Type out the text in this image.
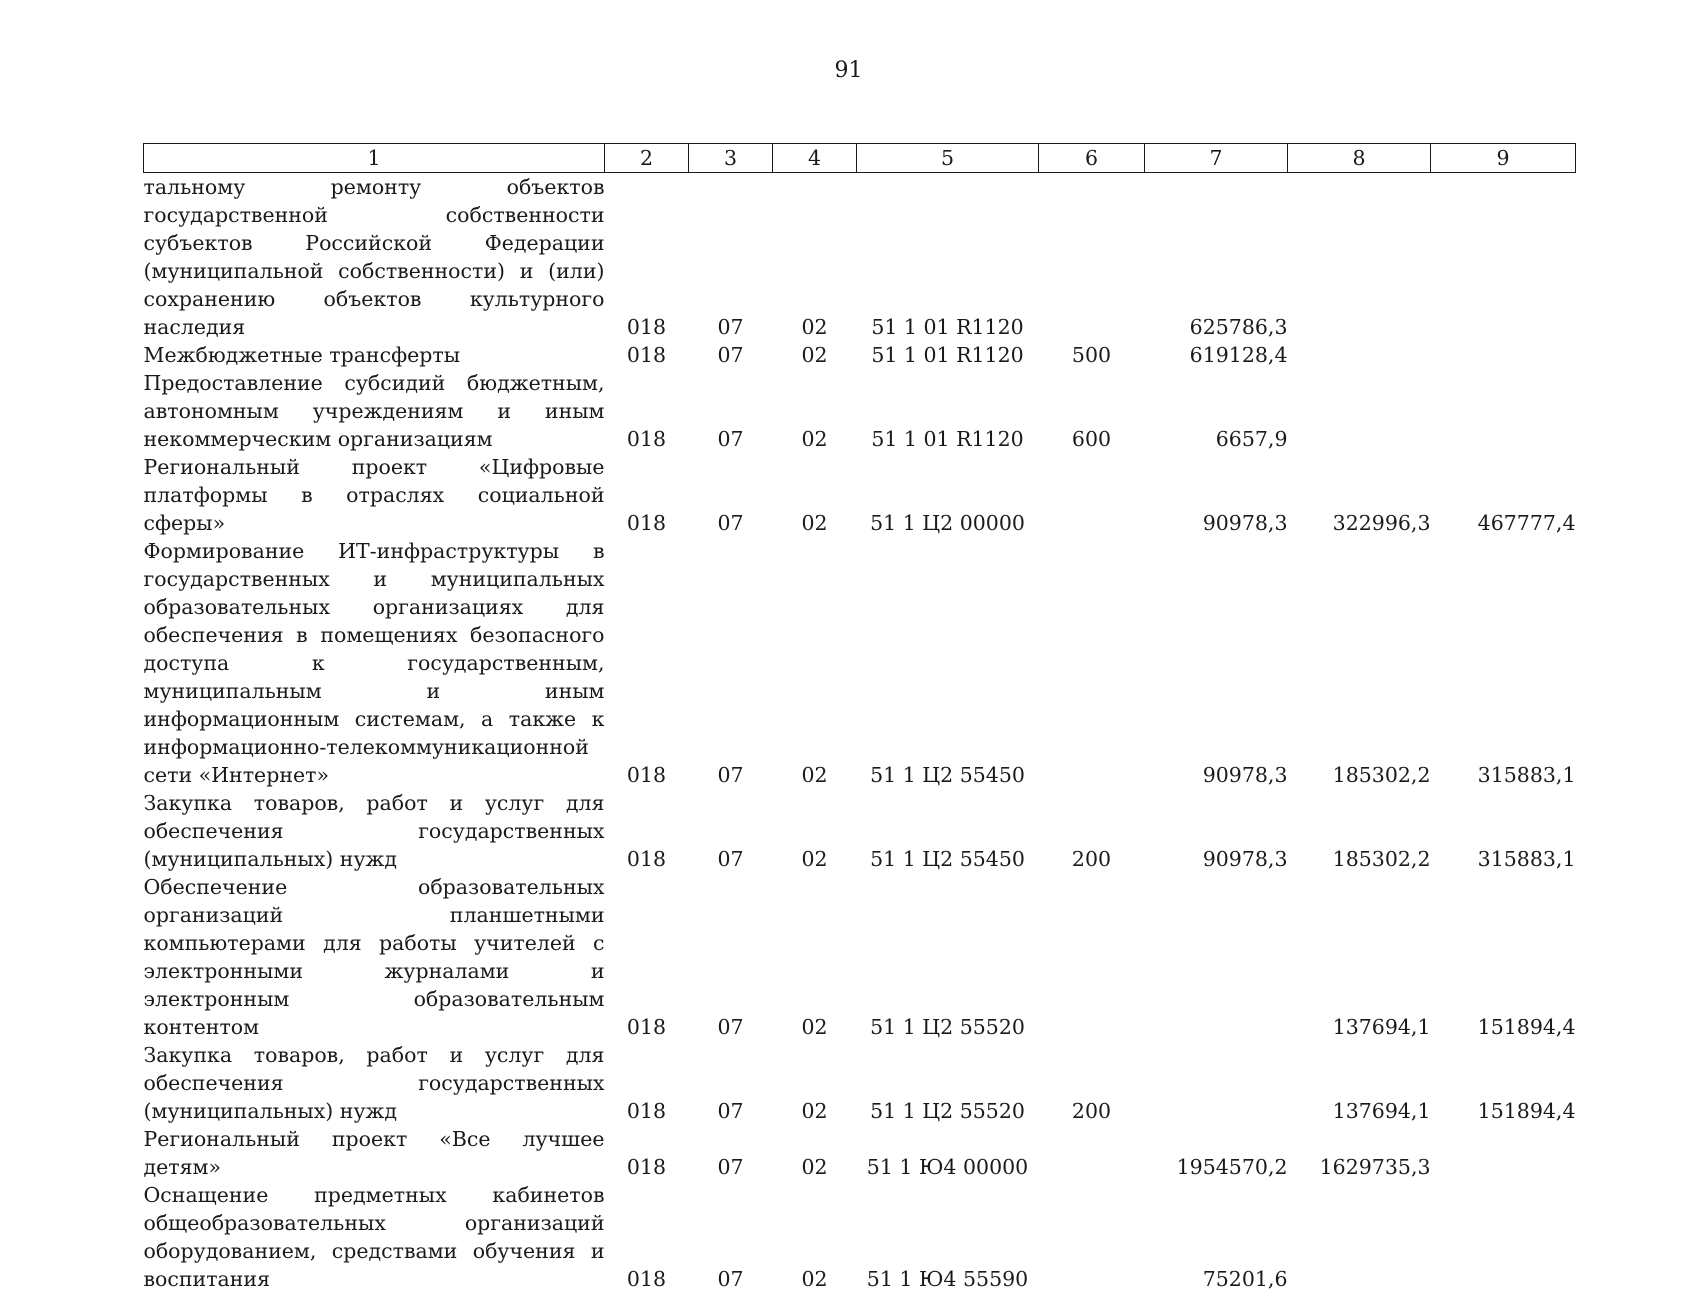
91
1	2	3	4	5	6	7	8	9
тальному ремонту объектов государственной собственности субъектов Российской Федерации (муниципальной собственности) и (или) сохранению объектов культурного наследия	018	07	02	51 1 01 R1120		625786,3		
Межбюджетные трансферты	018	07	02	51 1 01 R1120	500	619128,4		
Предоставление субсидий бюджетным, автономным учреждениям и иным некоммерческим организациям	018	07	02	51 1 01 R1120	600	6657,9		
Региональный проект «Цифровые платформы в отраслях социальной сферы»	018	07	02	51 1 Ц2 00000		90978,3	322996,3	467777,4
Формирование ИТ-инфраструктуры в государственных и муниципальных образовательных организациях для обеспечения в помещениях безопасного доступа к государственным, муниципальным и иным информационным системам, а также к информационно-телекоммуникационной сети «Интернет»	018	07	02	51 1 Ц2 55450		90978,3	185302,2	315883,1
Закупка товаров, работ и услуг для обеспечения государственных (муниципальных) нужд	018	07	02	51 1 Ц2 55450	200	90978,3	185302,2	315883,1
Обеспечение образовательных организаций планшетными компьютерами для работы учителей с электронными журналами и электронным образовательным контентом	018	07	02	51 1 Ц2 55520			137694,1	151894,4
Закупка товаров, работ и услуг для обеспечения государственных (муниципальных) нужд	018	07	02	51 1 Ц2 55520	200		137694,1	151894,4
Региональный проект «Все лучшее детям»	018	07	02	51 1 Ю4 00000		1954570,2	1629735,3	
Оснащение предметных кабинетов общеобразовательных организаций оборудованием, средствами обучения и воспитания	018	07	02	51 1 Ю4 55590		75201,6		
